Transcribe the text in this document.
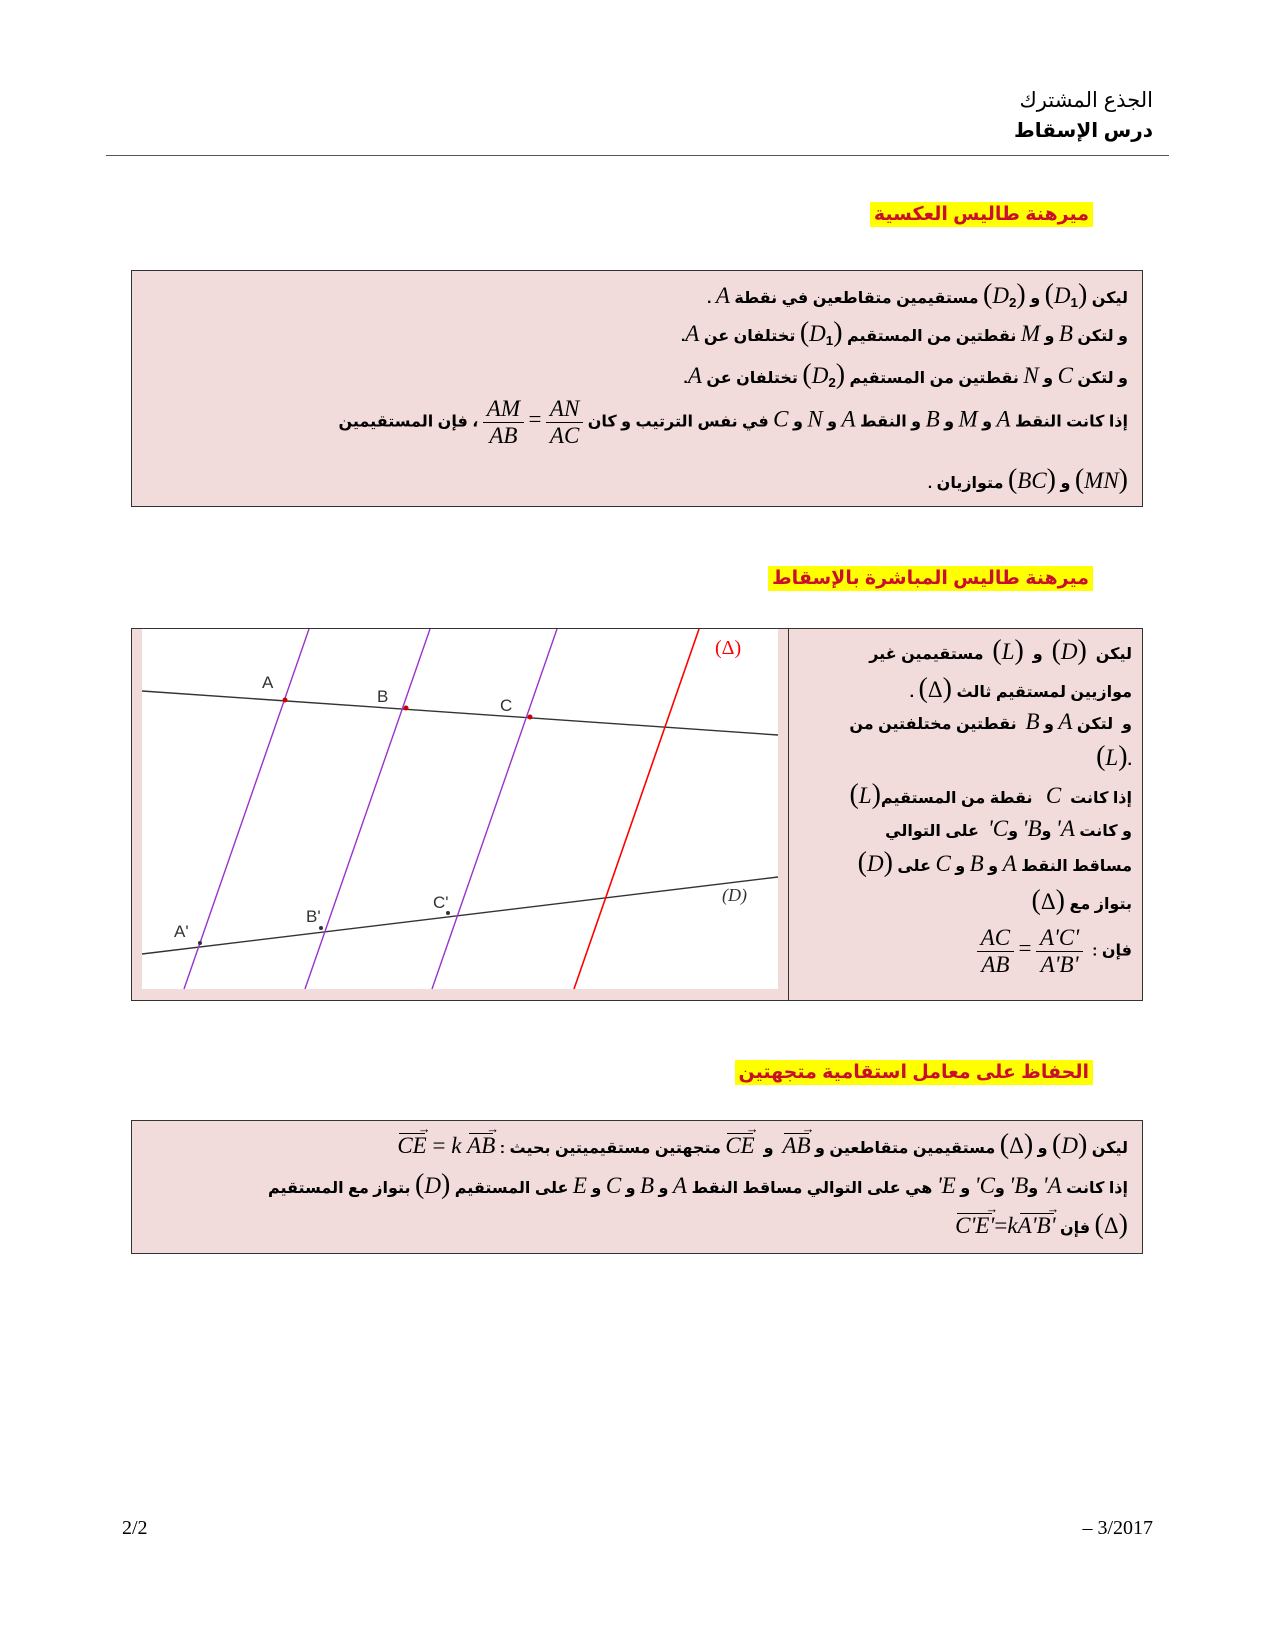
الجذع المشترك
درس الإسقاط
ميرهنة طاليس العكسية
ليكن $(D_1)$ و $(D_2)$ مستقيمين متقاطعين في نقطة A .
و لتكن B و M نقطتين من المستقيم $(D_1)$ تختلفان عن A.
و لتكن C و N نقطتين من المستقيم $(D_2)$ تختلفان عن A.
إذا كانت النقط A و M و B و النقط A و N و C في نفس الترتيب و كان
$\frac{AM}{AB} = \frac{AN}{AC}$
، فإن المستقيمين
(MN) و (BC) متوازيان .
ميرهنة طاليس المباشرة بالإسقاط
A
B	C
A'
B'
C'	(D)
(Δ)	ليكن  (D)  و  (L)  مستقيمين غير
موازيين لمستقيم ثالث (Δ) .
و  لتكن A و B  نقطتين مختلفتين من
.(L)
إذا كانت  C   نقطة من المستقيم(L)
و كانت A' وB' وC'  على التوالي
مساقط النقط A و B و C على (D)
بتواز مع (Δ)
فإن :
$\frac{AC}{AB} = \frac{A'C'}{A'B'}$
الحفاظ على معامل استقامية متجهتين
ليكن (D) و (Δ) مستقيمين متقاطعين و AB →  و  CE → متجهتين مستقيميتين بحيث : CE → = k AB →
إذا كانت A' وB' وC' و E' هي على التوالي مساقط النقط A و B و C و E على المستقيم (D) بتواز مع المستقيم
(Δ) فإن C'E' →=kA'B' →
2/2	– 3/2017
